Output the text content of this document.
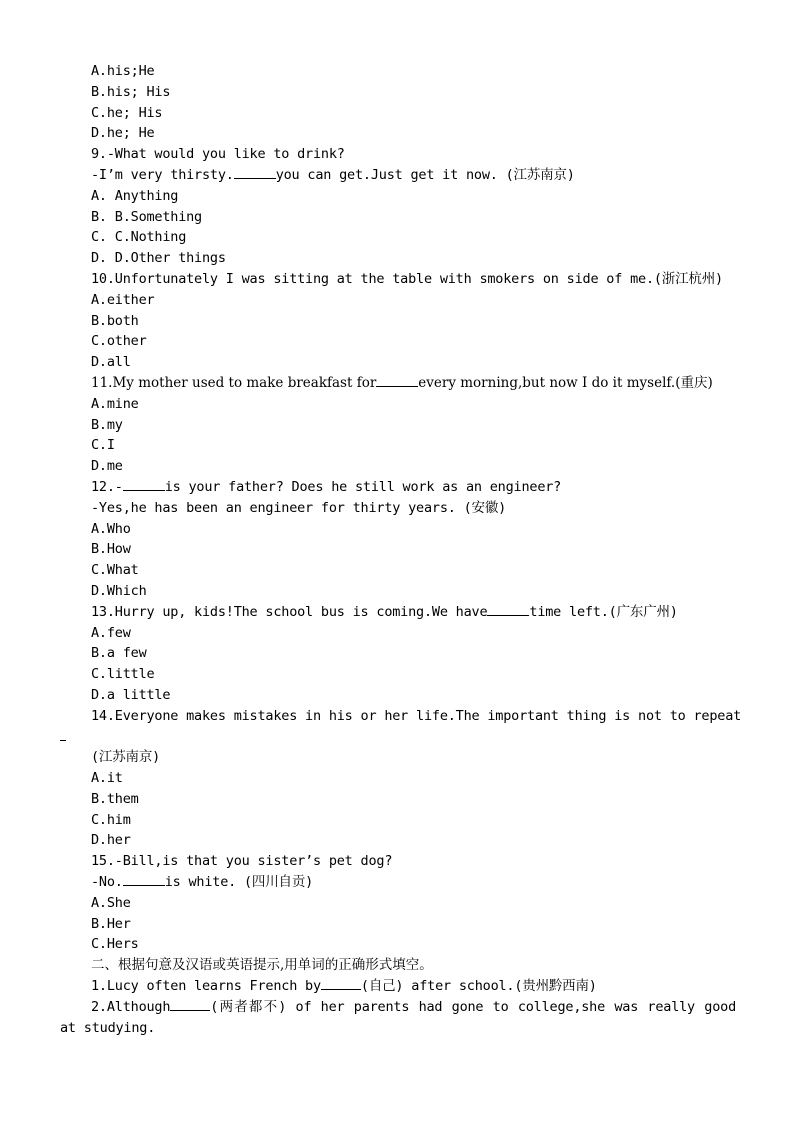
A.his;He
B.his; His
C.he; His
D.he; He
9.-What would you like to drink?
-I’m very thirsty.	you can get.Just get it now. (江苏南京)
A. Anything
B. B.Something
C. C.Nothing
D. D.Other things
10.Unfortunately I was sitting at the table with smokers on side of me.(浙江杭州)
A.either
B.both
C.other
D.all
11.My mother used to make breakfast for	every morning,but now I do it myself.(重庆)
A.mine
B.my
C.I
D.me
12.-	is your father? Does he still work as an engineer?
-Yes,he has been an engineer for thirty years. (安徽)
A.Who
B.How
C.What
D.Which
13.Hurry up, kids!The school bus is coming.We have	time left.(广东广州)
A.few
B.a few
C.little
D.a little
14.Everyone makes mistakes in his or her life.The important thing is not to repeat
(江苏南京)
A.it
B.them
C.him
D.her
15.-Bill,is that you sister’s pet dog?
-No.	is white. (四川自贡)
A.She
B.Her
C.Hers
二、根据句意及汉语或英语提示,用单词的正确形式填空。
1.Lucy often learns French by	(自己) after school.(贵州黔西南)
2.Although	(两者都不) of her parents had gone to college,she was really good at studying.
